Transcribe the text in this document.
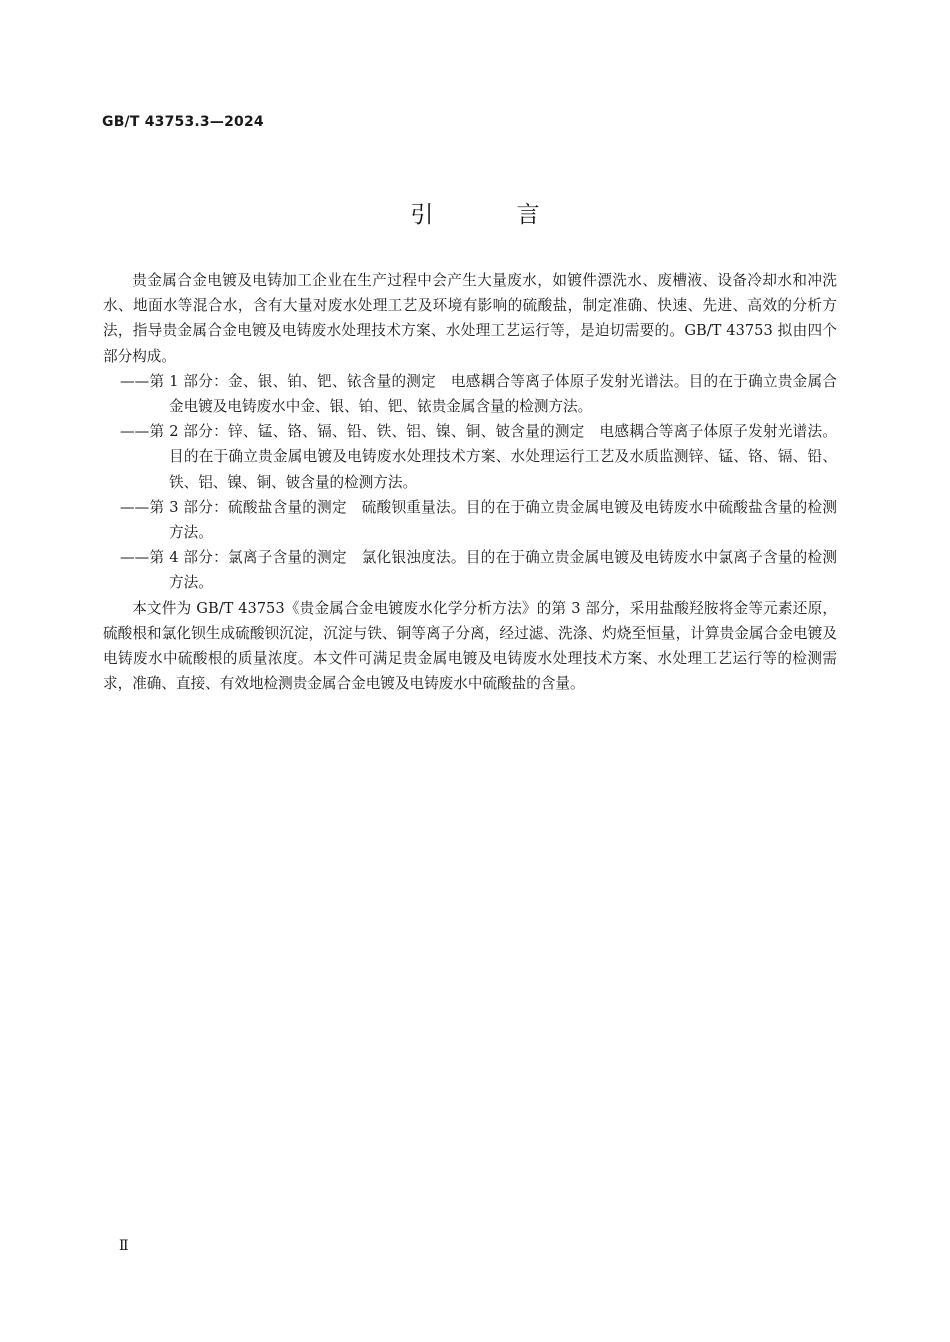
GB/T 43753.3—2024
引 言

贵金属合金电镀及电铸加工企业在生产过程中会产生大量废水，如镀件漂洗水、废槽液、设备冷却水和冲洗水、地面水等混合水，含有大量对废水处理工艺及环境有影响的硫酸盐，制定准确、快速、先进、高效的分析方法，指导贵金属合金电镀及电铸废水处理技术方案、水处理工艺运行等，是迫切需要的。GB/T 43753 拟由四个部分构成。

——第 1 部分：金、银、铂、钯、铱含量的测定　电感耦合等离子体原子发射光谱法。目的在于确立贵金属合金电镀及电铸废水中金、银、铂、钯、铱贵金属含量的检测方法。

——第 2 部分：锌、锰、铬、镉、铅、铁、铝、镍、铜、铍含量的测定　电感耦合等离子体原子发射光谱法。目的在于确立贵金属电镀及电铸废水处理技术方案、水处理运行工艺及水质监测锌、锰、铬、镉、铅、铁、铝、镍、铜、铍含量的检测方法。

——第 3 部分：硫酸盐含量的测定　硫酸钡重量法。目的在于确立贵金属电镀及电铸废水中硫酸盐含量的检测方法。

——第 4 部分：氯离子含量的测定　氯化银浊度法。目的在于确立贵金属电镀及电铸废水中氯离子含量的检测方法。

本文件为 GB/T 43753《贵金属合金电镀废水化学分析方法》的第 3 部分，采用盐酸羟胺将金等元素还原，硫酸根和氯化钡生成硫酸钡沉淀，沉淀与铁、铜等离子分离，经过滤、洗涤、灼烧至恒量，计算贵金属合金电镀及电铸废水中硫酸根的质量浓度。本文件可满足贵金属电镀及电铸废水处理技术方案、水处理工艺运行等的检测需求，准确、直接、有效地检测贵金属合金电镀及电铸废水中硫酸盐的含量。

Ⅱ
